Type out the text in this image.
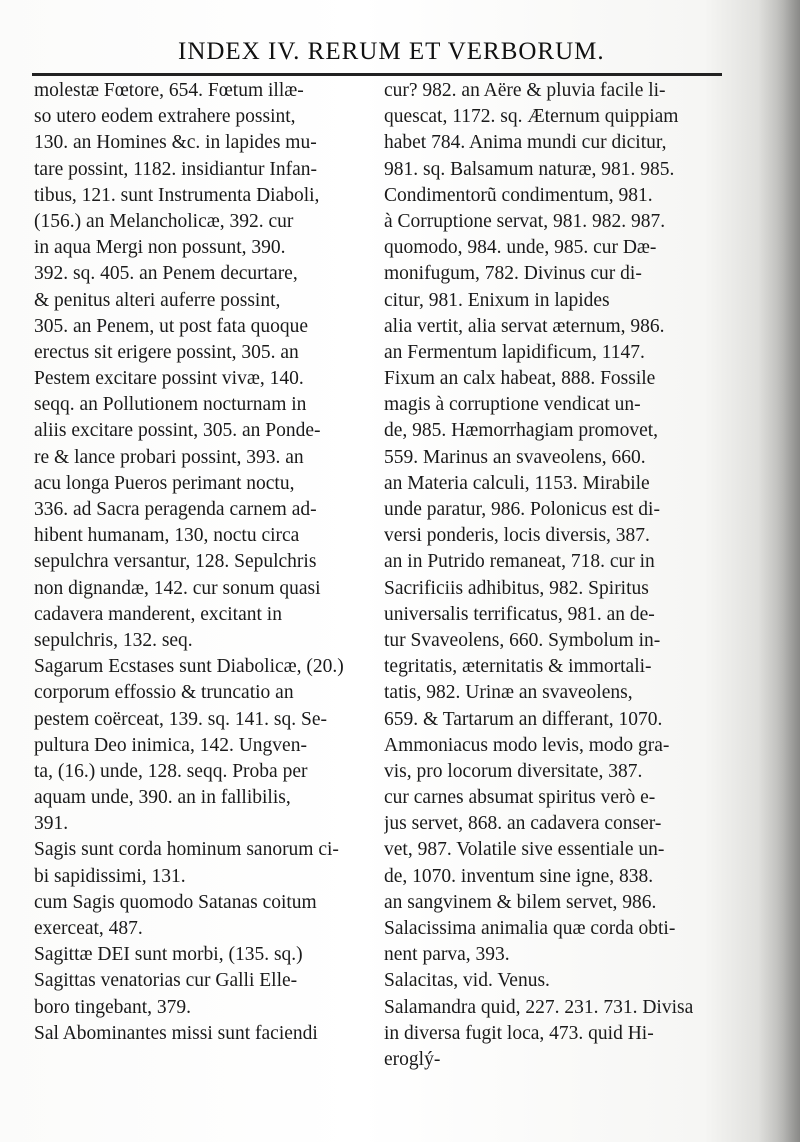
INDEX IV. RERUM ET VERBORUM.
molestæ Fœtore, 654. Fœtum illæ-
so utero eodem extrahere possint,
130. an Homines &c. in lapides mu-
tare possint, 1182. insidiantur Infan-
tibus, 121. sunt Instrumenta Diaboli,
(156.) an Melancholicæ, 392. cur
in aqua Mergi non possunt, 390.
392. sq. 405. an Penem decurtare,
& penitus alteri auferre possint,
305. an Penem, ut post fata quoque
erectus sit erigere possint, 305. an
Pestem excitare possint vivæ, 140.
seqq. an Pollutionem nocturnam in
aliis excitare possint, 305. an Ponde-
re & lance probari possint, 393. an
acu longa Pueros perimant noctu,
336. ad Sacra peragenda carnem ad-
hibent humanam, 130, noctu circa
sepulchra versantur, 128. Sepulchris
non dignandæ, 142. cur sonum quasi
cadavera manderent, excitant in
sepulchris, 132. seq.
Sagarum Ecstases sunt Diabolicæ, (20.)
corporum effossio & truncatio an
pestem coërceat, 139. sq. 141. sq. Se-
pultura Deo inimica, 142. Ungven-
ta, (16.) unde, 128. seqq. Proba per
aquam unde, 390. an in fallibilis,
391.
Sagis sunt corda hominum sanorum ci-
bi sapidissimi, 131.
cum Sagis quomodo Satanas coitum
exerceat, 487.
Sagittæ DEI sunt morbi, (135. sq.)
Sagittas venatorias cur Galli Elle-
boro tingebant, 379.
Sal Abominantes missi sunt faciendi
cur? 982. an Aëre & pluvia facile li-
quescat, 1172. sq. Æternum quippiam
habet 784. Anima mundi cur dicitur,
981. sq. Balsamum naturæ, 981. 985.
Condimentorũ condimentum, 981.
à Corruptione servat, 981. 982. 987.
quomodo, 984. unde, 985. cur Dæ-
monifugum, 782. Divinus cur di-
citur, 981. Enixum in lapides
alia vertit, alia servat æternum, 986.
an Fermentum lapidificum, 1147.
Fixum an calx habeat, 888. Fossile
magis à corruptione vendicat un-
de, 985. Hæmorrhagiam promovet,
559. Marinus an svaveolens, 660.
an Materia calculi, 1153. Mirabile
unde paratur, 986. Polonicus est di-
versi ponderis, locis diversis, 387.
an in Putrido remaneat, 718. cur in
Sacrificiis adhibitus, 982. Spiritus
universalis terrificatus, 981. an de-
tur Svaveolens, 660. Symbolum in-
tegritatis, æternitatis & immortali-
tatis, 982. Urinæ an svaveolens,
659. & Tartarum an differant, 1070.
Ammoniacus modo levis, modo gra-
vis, pro locorum diversitate, 387.
cur carnes absumat spiritus verò e-
jus servet, 868. an cadavera conser-
vet, 987. Volatile sive essentiale un-
de, 1070. inventum sine igne, 838.
an sangvinem & bilem servet, 986.
Salacissima animalia quæ corda obti-
nent parva, 393.
Salacitas, vid. Venus.
Salamandra quid, 227. 231. 731. Divisa
in diversa fugit loca, 473. quid Hi-
eroglý-
